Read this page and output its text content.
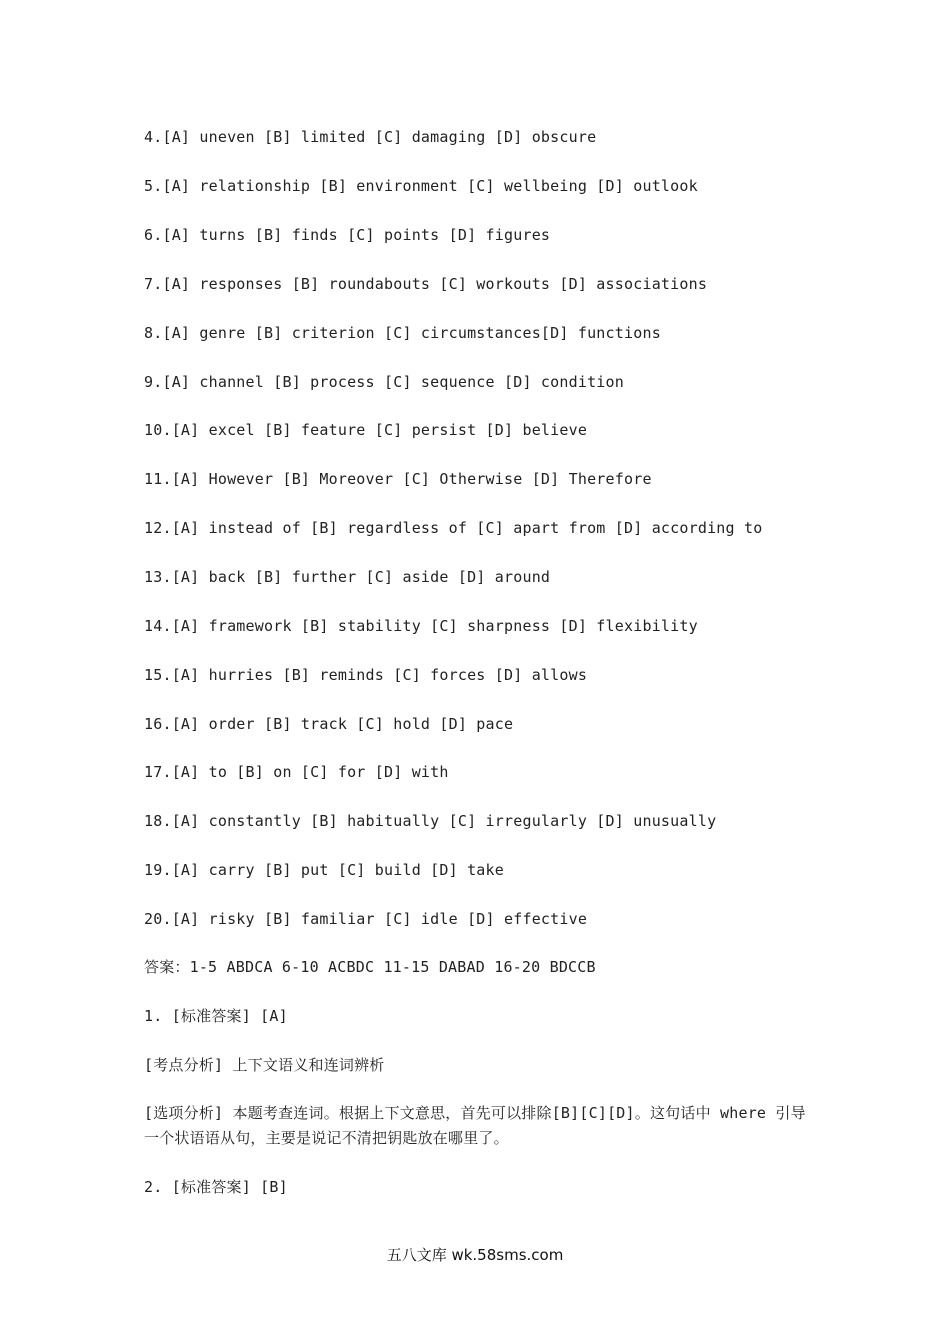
4.[A] uneven [B] limited [C] damaging [D] obscure
5.[A] relationship [B] environment [C] wellbeing [D] outlook
6.[A] turns [B] finds [C] points [D] figures
7.[A] responses [B] roundabouts [C] workouts [D] associations
8.[A] genre [B] criterion [C] circumstances[D] functions
9.[A] channel [B] process [C] sequence [D] condition
10.[A] excel [B] feature [C] persist [D] believe
11.[A] However [B] Moreover [C] Otherwise [D] Therefore
12.[A] instead of [B] regardless of [C] apart from [D] according to
13.[A] back [B] further [C] aside [D] around
14.[A] framework [B] stability [C] sharpness [D] flexibility
15.[A] hurries [B] reminds [C] forces [D] allows
16.[A] order [B] track [C] hold [D] pace
17.[A] to [B] on [C] for [D] with
18.[A] constantly [B] habitually [C] irregularly [D] unusually
19.[A] carry [B] put [C] build [D] take
20.[A] risky [B] familiar [C] idle [D] effective
答案：1-5 ABDCA 6-10 ACBDC 11-15 DABAD 16-20 BDCCB
1. [标准答案] [A]
[考点分析] 上下文语义和连词辨析
[选项分析] 本题考查连词。根据上下文意思，首先可以排除[B][C][D]。这句话中 where 引导一个状语语从句，主要是说记不清把钥匙放在哪里了。
2. [标准答案] [B]
五八文库 wk.58sms.com
